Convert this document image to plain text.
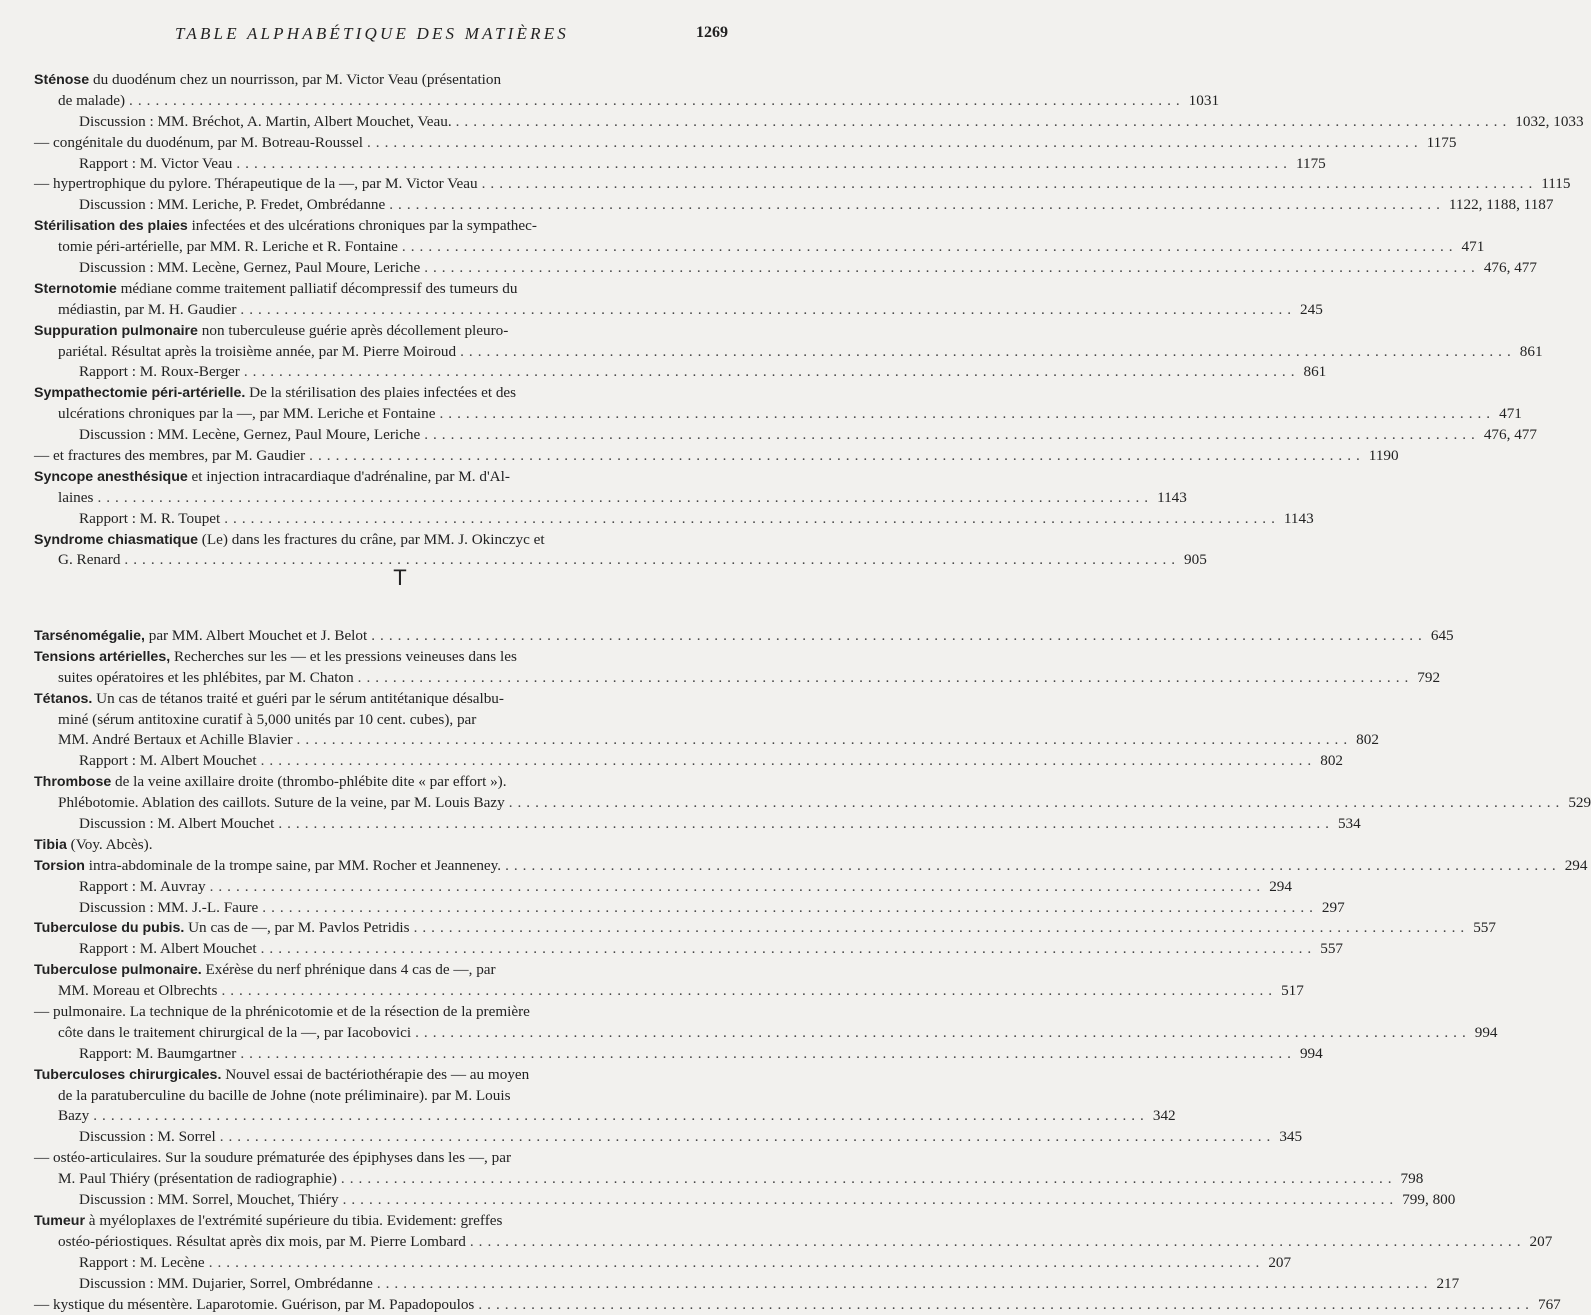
TABLE ALPHABÉTIQUE DES MATIÈRES	1269
Sténose du duodénum chez un nourrisson, par M. Victor Veau (présentation
de malade) ........................................................................................................................ 1031
Discussion : MM. Bréchot, A. Martin, Albert Mouchet, Veau. ........................................................................................................................ 1032, 1033
— congénitale du duodénum, par M. Botreau-Roussel ........................................................................................................................ 1175
Rapport : M. Victor Veau ........................................................................................................................ 1175
— hypertrophique du pylore. Thérapeutique de la —, par M. Victor Veau ........................................................................................................................ 1115
Discussion : MM. Leriche, P. Fredet, Ombrédanne ........................................................................................................................ 1122, 1188, 1187
Stérilisation des plaies infectées et des ulcérations chroniques par la sympathec-
tomie péri-artérielle, par MM. R. Leriche et R. Fontaine ........................................................................................................................ 471
Discussion : MM. Lecène, Gernez, Paul Moure, Leriche ........................................................................................................................ 476, 477
Sternotomie médiane comme traitement palliatif décompressif des tumeurs du
médiastin, par M. H. Gaudier ........................................................................................................................ 245
Suppuration pulmonaire non tuberculeuse guérie après décollement pleuro-
pariétal. Résultat après la troisième année, par M. Pierre Moiroud ........................................................................................................................ 861
Rapport : M. Roux-Berger ........................................................................................................................ 861
Sympathectomie péri-artérielle. De la stérilisation des plaies infectées et des
ulcérations chroniques par la —, par MM. Leriche et Fontaine ........................................................................................................................ 471
Discussion : MM. Lecène, Gernez, Paul Moure, Leriche ........................................................................................................................ 476, 477
— et fractures des membres, par M. Gaudier ........................................................................................................................ 1190
Syncope anesthésique et injection intracardiaque d'adrénaline, par M. d'Al-
laines ........................................................................................................................ 1143
Rapport : M. R. Toupet ........................................................................................................................ 1143
Syndrome chiasmatique (Le) dans les fractures du crâne, par MM. J. Okinczyc et
G. Renard ........................................................................................................................ 905
T
Tarsénomégalie, par MM. Albert Mouchet et J. Belot ........................................................................................................................ 645
Tensions artérielles, Recherches sur les — et les pressions veineuses dans les
suites opératoires et les phlébites, par M. Chaton ........................................................................................................................ 792
Tétanos. Un cas de tétanos traité et guéri par le sérum antitétanique désalbu-
miné (sérum antitoxine curatif à 5,000 unités par 10 cent. cubes), par
MM. André Bertaux et Achille Blavier ........................................................................................................................ 802
Rapport : M. Albert Mouchet ........................................................................................................................ 802
Thrombose de la veine axillaire droite (thrombo-phlébite dite « par effort »).
Phlébotomie. Ablation des caillots. Suture de la veine, par M. Louis Bazy ........................................................................................................................ 529
Discussion : M. Albert Mouchet ........................................................................................................................ 534
Tibia (Voy. Abcès).
Torsion intra-abdominale de la trompe saine, par MM. Rocher et Jeanneney. ........................................................................................................................ 294
Rapport : M. Auvray ........................................................................................................................ 294
Discussion : MM. J.-L. Faure ........................................................................................................................ 297
Tuberculose du pubis. Un cas de —, par M. Pavlos Petridis ........................................................................................................................ 557
Rapport : M. Albert Mouchet ........................................................................................................................ 557
Tuberculose pulmonaire. Exérèse du nerf phrénique dans 4 cas de —, par
MM. Moreau et Olbrechts ........................................................................................................................ 517
— pulmonaire. La technique de la phrénicotomie et de la résection de la première
côte dans le traitement chirurgical de la —, par Iacobovici ........................................................................................................................ 994
Rapport: M. Baumgartner ........................................................................................................................ 994
Tuberculoses chirurgicales. Nouvel essai de bactériothérapie des — au moyen
de la paratuberculine du bacille de Johne (note préliminaire). par M. Louis
Bazy ........................................................................................................................ 342
Discussion : M. Sorrel ........................................................................................................................ 345
— ostéo-articulaires. Sur la soudure prématurée des épiphyses dans les —, par
M. Paul Thiéry (présentation de radiographie) ........................................................................................................................ 798
Discussion : MM. Sorrel, Mouchet, Thiéry ........................................................................................................................ 799, 800
Tumeur à myéloplaxes de l'extrémité supérieure du tibia. Evidement: greffes
ostéo-périostiques. Résultat après dix mois, par M. Pierre Lombard ........................................................................................................................ 207
Rapport : M. Lecène ........................................................................................................................ 207
Discussion : MM. Dujarier, Sorrel, Ombrédanne ........................................................................................................................ 217
— kystique du mésentère. Laparotomie. Guérison, par M. Papadopoulos ........................................................................................................................ 767
